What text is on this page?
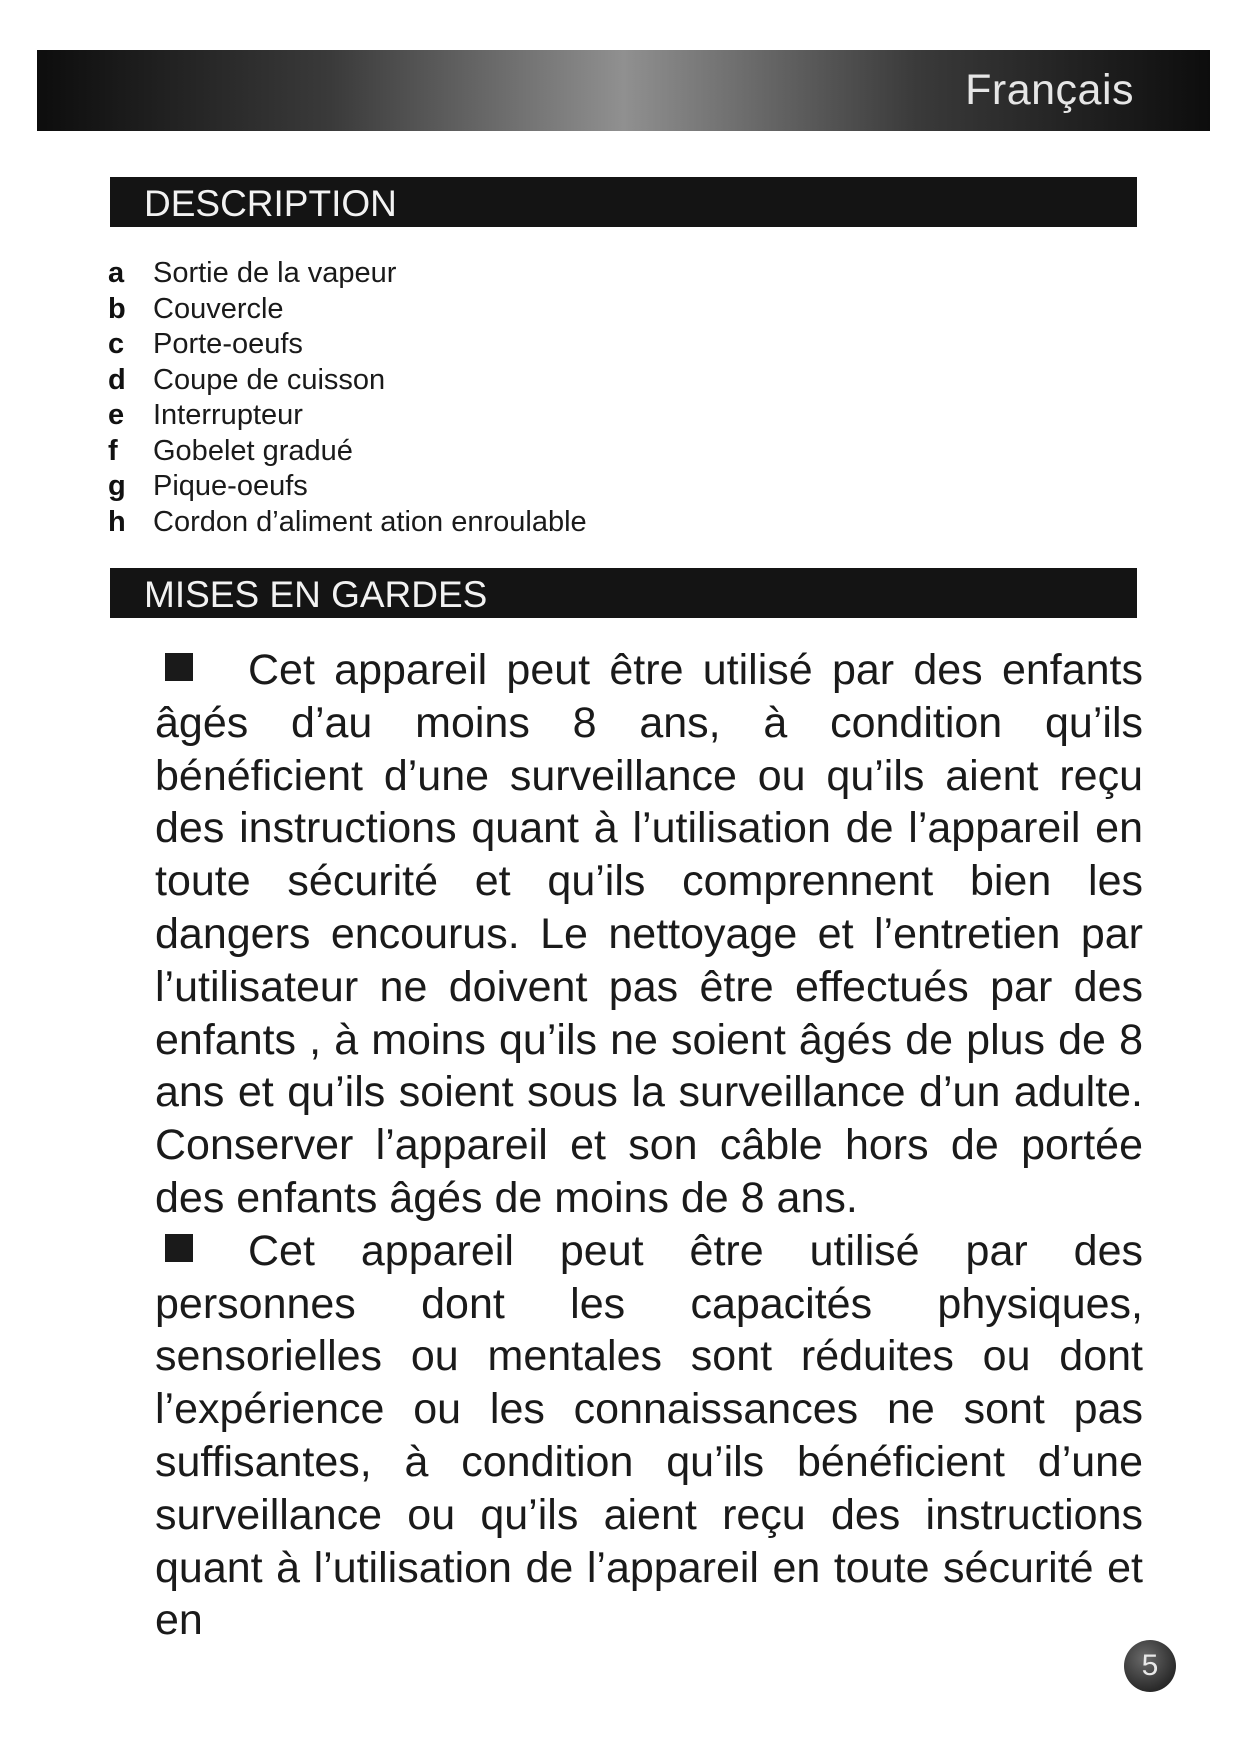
Français
DESCRIPTION
a Sortie de la vapeur
b Couvercle
c Porte-oeufs
d Coupe de cuisson
e Interrupteur
f Gobelet gradué
g Pique-oeufs
h Cordon d’aliment ation enroulable
MISES EN GARDES

Cet appareil peut être utilisé par des enfants âgés d’au moins 8 ans, à condition qu’ils bénéficient d’une surveillance ou qu’ils aient reçu des instructions quant à l’utilisation de l’appareil en toute sécurité et qu’ils comprennent bien les dangers encourus. Le nettoyage et l’entretien par l’utilisateur ne doivent pas être effectués par des enfants , à moins qu’ils ne soient âgés de plus de 8 ans et qu’ils soient sous la surveillance d’un adulte. Conserver l’appareil et son câble hors de portée des enfants âgés de moins de 8 ans.

Cet appareil peut être utilisé par des personnes dont les capacités physiques, sensorielles ou mentales sont réduites ou dont l’expérience ou les connaissances ne sont pas suffisantes, à condition qu’ils bénéficient d’une surveillance ou qu’ils aient reçu des instructions quant à l’utilisation de l’appareil en toute sécurité et en

5
